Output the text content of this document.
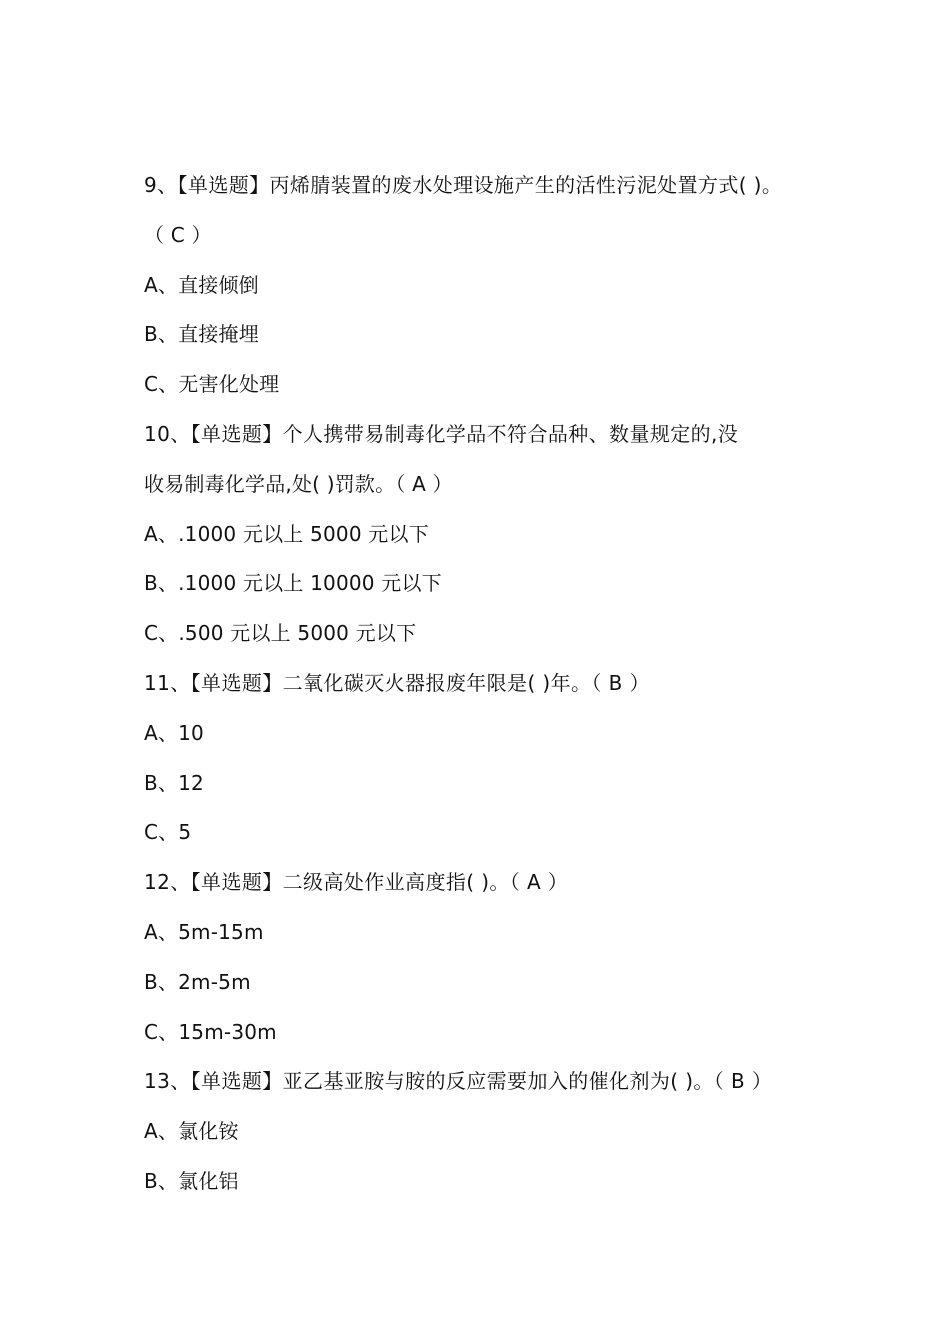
9、【单选题】丙烯腈装置的废水处理设施产生的活性污泥处置方式( )。
（ C ）
A、直接倾倒
B、直接掩埋
C、无害化处理
10、【单选题】个人携带易制毒化学品不符合品种、数量规定的,没
收易制毒化学品,处( )罚款。（ A ）
A、.1000 元以上 5000 元以下
B、.1000 元以上 10000 元以下
C、.500 元以上 5000 元以下
11、【单选题】二氧化碳灭火器报废年限是( )年。（ B ）
A、10
B、12
C、5
12、【单选题】二级高处作业高度指( )。（ A ）
A、5m-15m
B、2m-5m
C、15m-30m
13、【单选题】亚乙基亚胺与胺的反应需要加入的催化剂为( )。（ B ）
A、氯化铵
B、氯化铝
